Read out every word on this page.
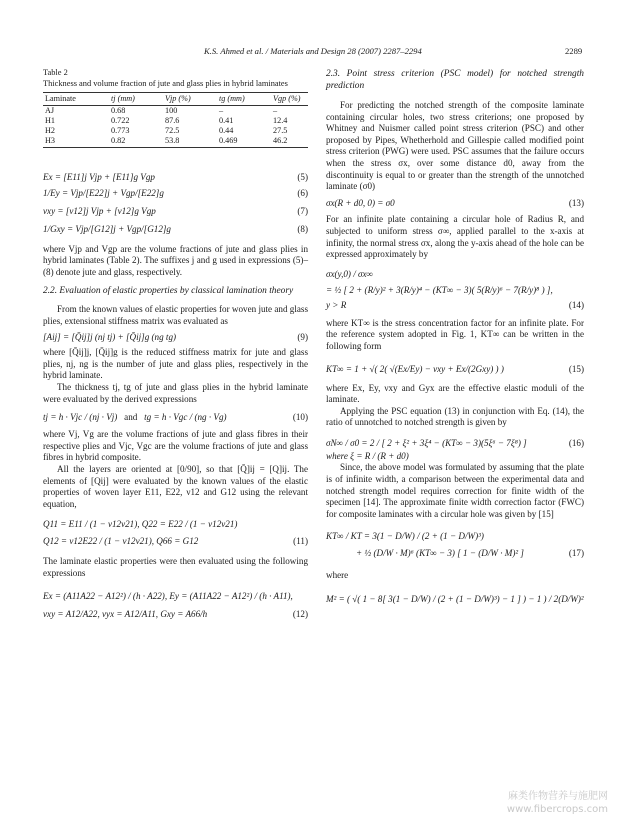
K.S. Ahmed et al. / Materials and Design 28 (2007) 2287–2294	2289
Table 2
Thickness and volume fraction of jute and glass plies in hybrid laminates
Laminate	tj (mm)	Vjp (%)	tg (mm)	Vgp (%)
AJ	0.68	100	–	–
H1	0.722	87.6	0.41	12.4
H2	0.773	72.5	0.44	27.5
H3	0.82	53.8	0.469	46.2
Ex = [E11]j Vjp + [E11]g Vgp	(5)
1/Ey = Vjp/[E22]j + Vgp/[E22]g	(6)
νxy = [ν12]j Vjp + [ν12]g Vgp	(7)
1/Gxy = Vjp/[G12]j + Vgp/[G12]g	(8)

where Vjp and Vgp are the volume fractions of jute and glass plies in hybrid laminates (Table 2). The suffixes j and g used in expressions (5)–(8) denote jute and glass, respectively.

2.2. Evaluation of elastic properties by classical lamination theory

From the known values of elastic properties for woven jute and glass plies, extensional stiffness matrix was evaluated as

[Aij] = [Q̄ij]j (nj tj) + [Q̄ij]g (ng tg)	(9)

where [Q̄ij]j, [Q̄ij]g is the reduced stiffness matrix for jute and glass plies, nj, ng is the number of jute and glass plies, respectively in the hybrid laminate.

The thickness tj, tg of jute and glass plies in the hybrid laminate were evaluated by the derived expressions

tj = h · Vjc / (nj · Vj) and tg = h · Vgc / (ng · Vg)	(10)

where Vj, Vg are the volume fractions of jute and glass fibres in their respective plies and Vjc, Vgc are the volume fractions of jute and glass fibres in hybrid composite.

All the layers are oriented at [0/90], so that [Q̄]ij = [Q]ij. The elements of [Qij] were evaluated by the known values of the elastic properties of woven layer E11, E22, ν12 and G12 using the relevant equation,

Q11 = E11 / (1 − ν12ν21), Q22 = E22 / (1 − ν12ν21)
Q12 = ν12E22 / (1 − ν12ν21), Q66 = G12	(11)

The laminate elastic properties were then evaluated using the following expressions

Ex = (A11A22 − A12²) / (h · A22), Ey = (A11A22 − A12²) / (h · A11),
νxy = A12/A22, νyx = A12/A11, Gxy = A66/h	(12)

2.3. Point stress criterion (PSC model) for notched strength prediction

For predicting the notched strength of the composite laminate containing circular holes, two stress criterions; one proposed by Whitney and Nuismer called point stress criterion (PSC) and other proposed by Pipes, Whetherhold and Gillespie called modified point stress criterion (PWG) were used. PSC assumes that the failure occurs when the stress σx, over some distance d0, away from the discontinuity is equal to or greater than the strength of the unnotched laminate (σ0)

σx(R + d0, 0) = σ0	(13)

For an infinite plate containing a circular hole of Radius R, and subjected to uniform stress σ∞, applied parallel to the x-axis at infinity, the normal stress σx, along the y-axis ahead of the hole can be expressed approximately by

σx(y,0) / σx∞
= ½ [ 2 + (R/y)² + 3(R/y)⁴ − (KT∞ − 3)( 5(R/y)⁶ − 7(R/y)⁸ ) ],
y > R	(14)

where KT∞ is the stress concentration factor for an infinite plate. For the reference system adopted in Fig. 1, KT∞ can be written in the following form

KT∞ = 1 + √( 2( √(Ex/Ey) − νxy + Ex/(2Gxy) ) )	(15)

where Ex, Ey, νxy and Gyx are the effective elastic moduli of the laminate.

Applying the PSC equation (13) in conjunction with Eq. (14), the ratio of unnotched to notched strength is given by

σN∞ / σ0 = 2 / [ 2 + ξ² + 3ξ⁴ − (KT∞ − 3)(5ξ⁶ − 7ξ⁸) ]	(16)

where ξ = R / (R + d0)

Since, the above model was formulated by assuming that the plate is of infinite width, a comparison between the experimental data and notched strength model requires correction for finite width of the specimen [14]. The approximate finite width correction factor (FWC) for composite laminates with a circular hole was given by [15]

KT∞ / KT = 3(1 − D/W) / (2 + (1 − D/W)³)
+ ½ (D/W · M)⁶ (KT∞ − 3) [ 1 − (D/W · M)² ]	(17)

where

M² = ( √( 1 − 8[ 3(1 − D/W) / (2 + (1 − D/W)³) − 1 ] ) − 1 ) / 2(D/W)²
麻类作物营养与施肥网
www.fibercrops.com
